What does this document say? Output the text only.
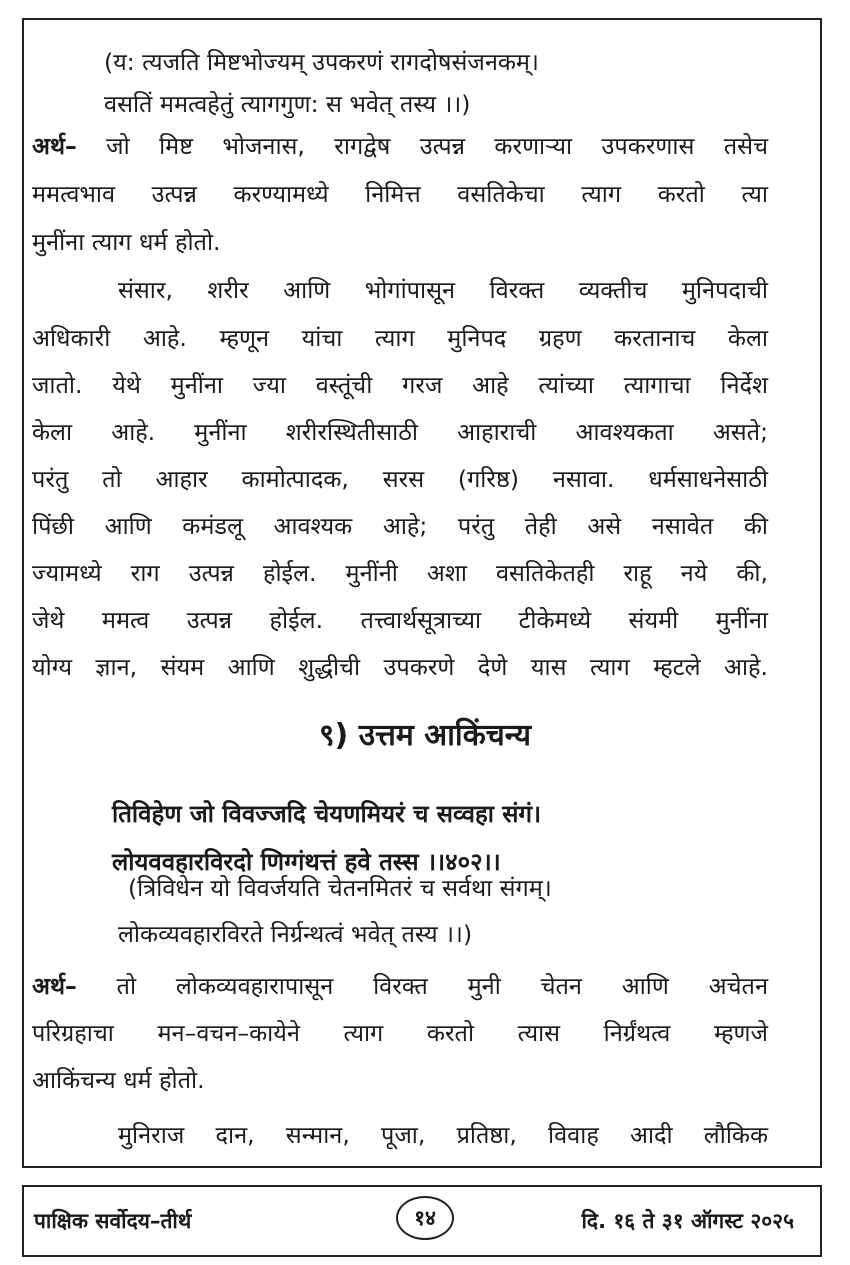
(य: त्यजति मिष्टभोज्यम् उपकरणं रागदोषसंजनकम्।

वसतिं ममत्वहेतुं त्यागगुण: स भवेत् तस्य ।।)

अर्थ– जो मिष्ट भोजनास, रागद्वेष उत्पन्न करणाऱ्या उपकरणास तसेच

ममत्वभाव उत्पन्न करण्यामध्ये निमित्त वसतिकेचा त्याग करतो त्या

मुनींना त्याग धर्म होतो.

संसार, शरीर आणि भोगांपासून विरक्त व्यक्तीच मुनिपदाची

अधिकारी आहे. म्हणून यांचा त्याग मुनिपद ग्रहण करतानाच केला

जातो. येथे मुनींना ज्या वस्तूंची गरज आहे त्यांच्या त्यागाचा निर्देश

केला आहे. मुनींना शरीरस्थितीसाठी आहाराची आवश्यकता असते;

परंतु तो आहार कामोत्पादक, सरस (गरिष्ठ) नसावा. धर्मसाधनेसाठी

पिंछी आणि कमंडलू आवश्यक आहे; परंतु तेही असे नसावेत की

ज्यामध्ये राग उत्पन्न होईल. मुनींनी अशा वसतिकेतही राहू नये की,

जेथे ममत्व उत्पन्न होईल. तत्त्वार्थसूत्राच्या टीकेमध्ये संयमी मुनींना

योग्य ज्ञान, संयम आणि शुद्धीची उपकरणे देणे यास त्याग म्हटले आहे.

९) उत्तम आकिंचन्य

तिविहेण जो विवज्जदि चेयणमियरं च सव्वहा संगं।

लोयववहारविरदो णिग्गंथत्तं हवे तस्स ।।४०२।।

(त्रिविधेन यो विवर्जयति चेतनमितरं च सर्वथा संगम्।

लोकव्यवहारविरते निर्ग्रन्थत्वं भवेत् तस्य ।।)

अर्थ– तो लोकव्यवहारापासून विरक्त मुनी चेतन आणि अचेतन

परिग्रहाचा मन–वचन–कायेने त्याग करतो त्यास निर्ग्रंथत्व म्हणजे

आकिंचन्य धर्म होतो.

मुनिराज दान, सन्मान, पूजा, प्रतिष्ठा, विवाह आदी लौकिक

पाक्षिक सर्वोदय–तीर्थ	१४	दि. १६ ते ३१ ऑगस्ट २०२५
